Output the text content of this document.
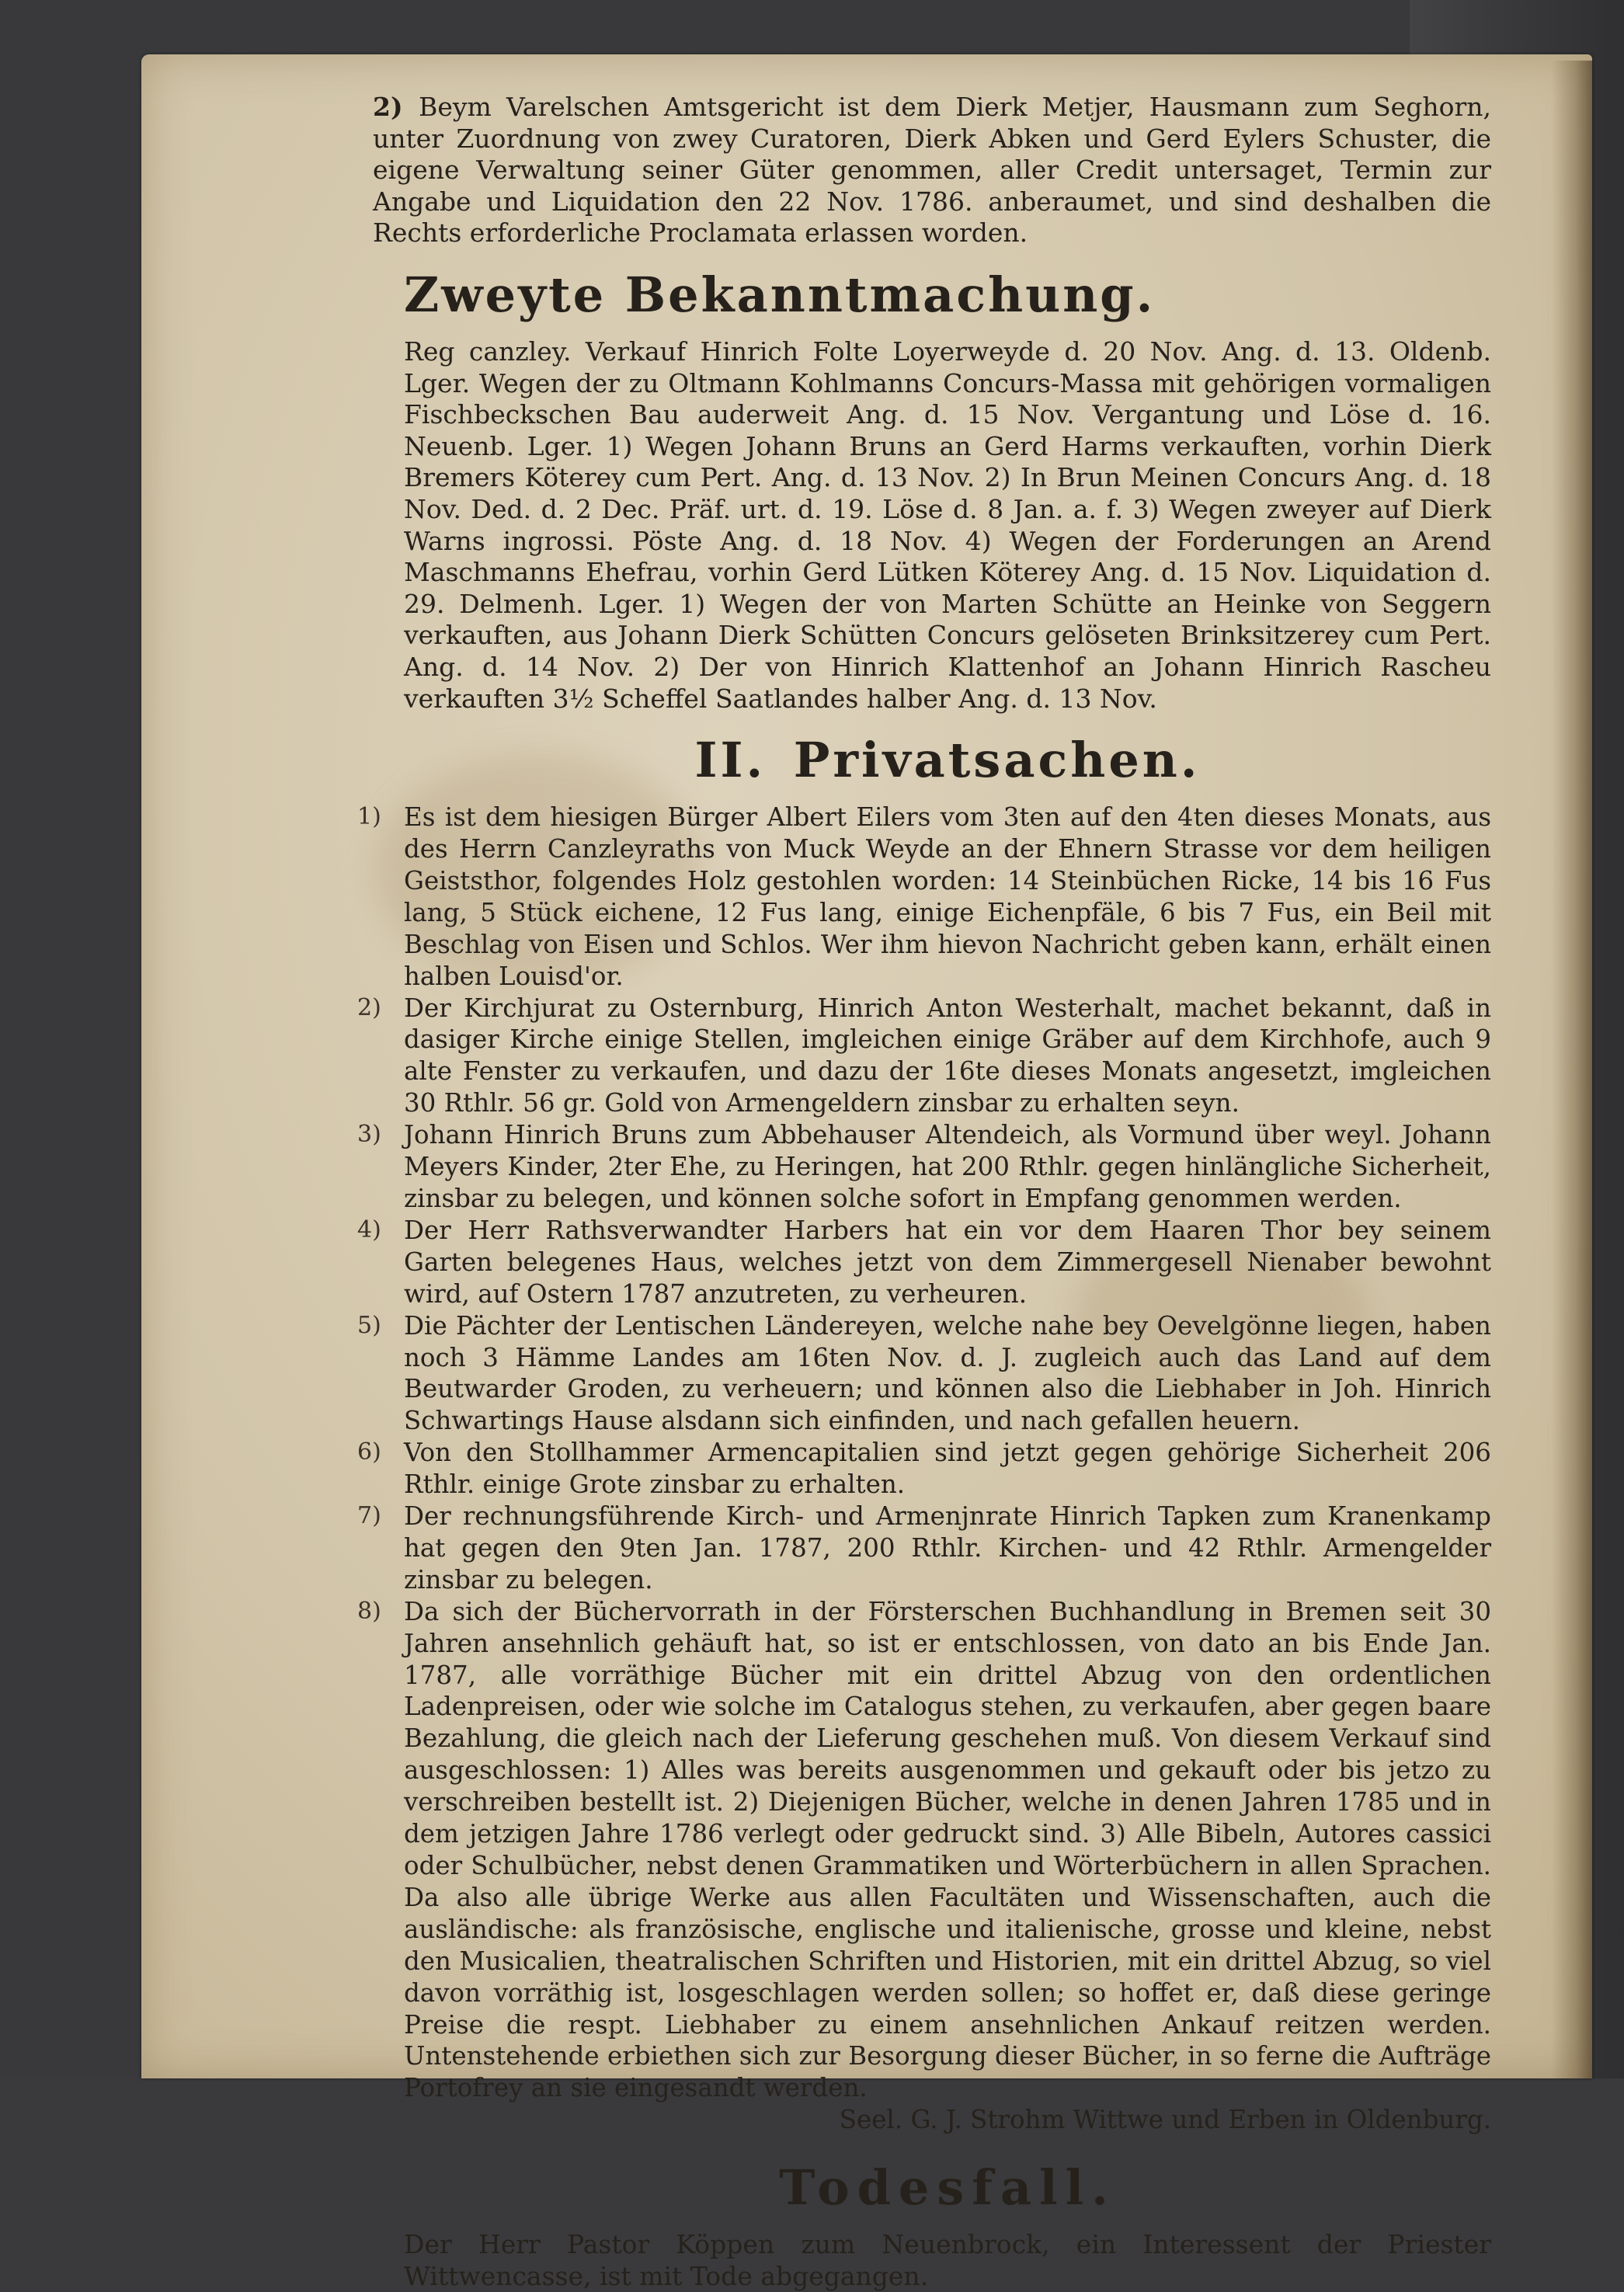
2) Beym Varelschen Amtsgericht ist dem Dierk Metjer, Hausmann zum Seghorn, unter Zuordnung von zwey Curatoren, Dierk Abken und Gerd Eylers Schuster, die eigene Verwaltung seiner Güter genommen, aller Credit untersaget, Termin zur Angabe und Liquidation den 22 Nov. 1786. anberaumet, und sind deshalben die Rechts erforderliche Proclamata erlassen worden.

Zweyte Bekanntmachung.

Reg canzley. Verkauf Hinrich Folte Loyerweyde d. 20 Nov. Ang. d. 13. Oldenb. Lger. Wegen der zu Oltmann Kohlmanns Concurs-Massa mit gehörigen vormaligen Fischbeckschen Bau auderweit Ang. d. 15 Nov. Vergantung und Löse d. 16. Neuenb. Lger. 1) Wegen Johann Bruns an Gerd Harms verkauften, vorhin Dierk Bremers Köterey cum Pert. Ang. d. 13 Nov. 2) In Brun Meinen Concurs Ang. d. 18 Nov. Ded. d. 2 Dec. Präf. urt. d. 19. Löse d. 8 Jan. a. f. 3) Wegen zweyer auf Dierk Warns ingrossi. Pöste Ang. d. 18 Nov. 4) Wegen der Forderungen an Arend Maschmanns Ehefrau, vorhin Gerd Lütken Köterey Ang. d. 15 Nov. Liquidation d. 29. Delmenh. Lger. 1) Wegen der von Marten Schütte an Heinke von Seggern verkauften, aus Johann Dierk Schütten Concurs gelöseten Brinksitzerey cum Pert. Ang. d. 14 Nov. 2) Der von Hinrich Klattenhof an Johann Hinrich Rascheu verkauften 3½ Scheffel Saatlandes halber Ang. d. 13 Nov.

II. Privatsachen.

1) Es ist dem hiesigen Bürger Albert Eilers vom 3ten auf den 4ten dieses Monats, aus des Herrn Canzleyraths von Muck Weyde an der Ehnern Strasse vor dem heiligen Geiststhor, folgendes Holz gestohlen worden: 14 Steinbüchen Ricke, 14 bis 16 Fus lang, 5 Stück eichene, 12 Fus lang, einige Eichenpfäle, 6 bis 7 Fus, ein Beil mit Beschlag von Eisen und Schlos. Wer ihm hievon Nachricht geben kann, erhält einen halben Louisd'or.

2) Der Kirchjurat zu Osternburg, Hinrich Anton Westerhalt, machet bekannt, daß in dasiger Kirche einige Stellen, imgleichen einige Gräber auf dem Kirchhofe, auch 9 alte Fenster zu verkaufen, und dazu der 16te dieses Monats angesetzt, imgleichen 30 Rthlr. 56 gr. Gold von Armengeldern zinsbar zu erhalten seyn.

3) Johann Hinrich Bruns zum Abbehauser Altendeich, als Vormund über weyl. Johann Meyers Kinder, 2ter Ehe, zu Heringen, hat 200 Rthlr. gegen hinlängliche Sicherheit, zinsbar zu belegen, und können solche sofort in Empfang genommen werden.

4) Der Herr Rathsverwandter Harbers hat ein vor dem Haaren Thor bey seinem Garten belegenes Haus, welches jetzt von dem Zimmergesell Nienaber bewohnt wird, auf Ostern 1787 anzutreten, zu verheuren.

5) Die Pächter der Lentischen Ländereyen, welche nahe bey Oevelgönne liegen, haben noch 3 Hämme Landes am 16ten Nov. d. J. zugleich auch das Land auf dem Beutwarder Groden, zu verheuern; und können also die Liebhaber in Joh. Hinrich Schwartings Hause alsdann sich einfinden, und nach gefallen heuern.

6) Von den Stollhammer Armencapitalien sind jetzt gegen gehörige Sicherheit 206 Rthlr. einige Grote zinsbar zu erhalten.

7) Der rechnungsführende Kirch- und Armenjnrate Hinrich Tapken zum Kranenkamp hat gegen den 9ten Jan. 1787, 200 Rthlr. Kirchen- und 42 Rthlr. Armengelder zinsbar zu belegen.

8) Da sich der Büchervorrath in der Försterschen Buchhandlung in Bremen seit 30 Jahren ansehnlich gehäuft hat, so ist er entschlossen, von dato an bis Ende Jan. 1787, alle vorräthige Bücher mit ein drittel Abzug von den ordentlichen Ladenpreisen, oder wie solche im Catalogus stehen, zu verkaufen, aber gegen baare Bezahlung, die gleich nach der Lieferung geschehen muß. Von diesem Verkauf sind ausgeschlossen: 1) Alles was bereits ausgenommen und gekauft oder bis jetzo zu verschreiben bestellt ist. 2) Diejenigen Bücher, welche in denen Jahren 1785 und in dem jetzigen Jahre 1786 verlegt oder gedruckt sind. 3) Alle Bibeln, Autores cassici oder Schulbücher, nebst denen Grammatiken und Wörterbüchern in allen Sprachen. Da also alle übrige Werke aus allen Facultäten und Wissenschaften, auch die ausländische: als französische, englische und italienische, grosse und kleine, nebst den Musicalien, theatralischen Schriften und Historien, mit ein drittel Abzug, so viel davon vorräthig ist, losgeschlagen werden sollen; so hoffet er, daß diese geringe Preise die respt. Liebhaber zu einem ansehnlichen Ankauf reitzen werden. Untenstehende erbiethen sich zur Besorgung dieser Bücher, in so ferne die Aufträge Portofrey an sie eingesandt werden.

Seel. G. J. Strohm Wittwe und Erben in Oldenburg.

Todesfall.

Der Herr Pastor Köppen zum Neuenbrock, ein Interessent der Priester Wittwencasse, ist mit Tode abgegangen.
